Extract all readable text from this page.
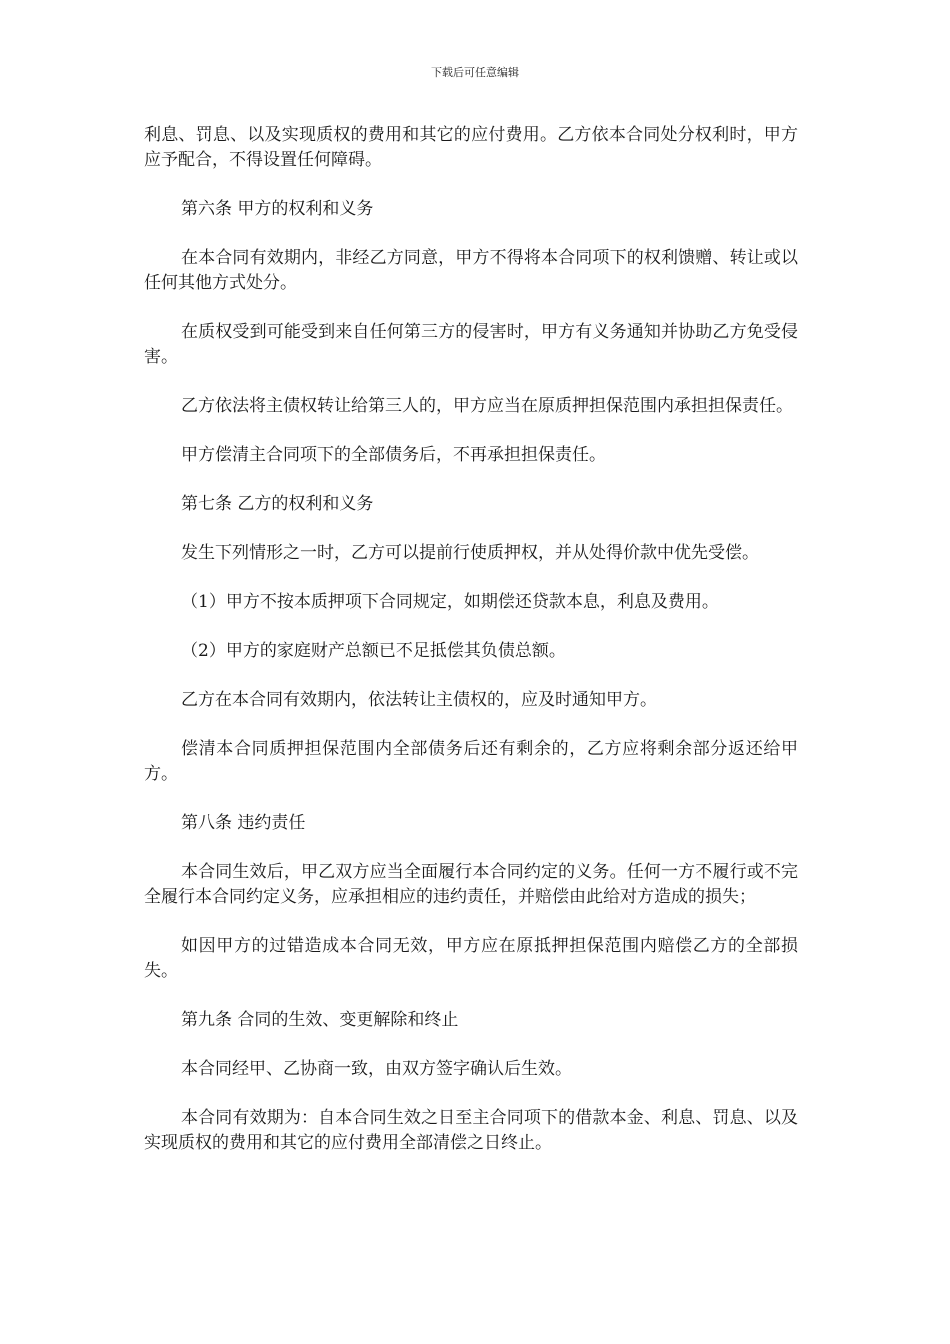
下载后可任意编辑

利息、罚息、以及实现质权的费用和其它的应付费用。乙方依本合同处分权利时，甲方应予配合，不得设置任何障碍。

第六条 甲方的权利和义务

在本合同有效期内，非经乙方同意，甲方不得将本合同项下的权利馈赠、转让或以任何其他方式处分。

在质权受到可能受到来自任何第三方的侵害时，甲方有义务通知并协助乙方免受侵害。

乙方依法将主债权转让给第三人的，甲方应当在原质押担保范围内承担担保责任。

甲方偿清主合同项下的全部债务后，不再承担担保责任。

第七条 乙方的权利和义务

发生下列情形之一时，乙方可以提前行使质押权，并从处得价款中优先受偿。

（1）甲方不按本质押项下合同规定，如期偿还贷款本息，利息及费用。

（2）甲方的家庭财产总额已不足抵偿其负债总额。

乙方在本合同有效期内，依法转让主债权的，应及时通知甲方。

偿清本合同质押担保范围内全部债务后还有剩余的，乙方应将剩余部分返还给甲方。

第八条 违约责任

本合同生效后，甲乙双方应当全面履行本合同约定的义务。任何一方不履行或不完全履行本合同约定义务，应承担相应的违约责任，并赔偿由此给对方造成的损失；

如因甲方的过错造成本合同无效，甲方应在原抵押担保范围内赔偿乙方的全部损失。

第九条 合同的生效、变更解除和终止

本合同经甲、乙协商一致，由双方签字确认后生效。

本合同有效期为：自本合同生效之日至主合同项下的借款本金、利息、罚息、以及实现质权的费用和其它的应付费用全部清偿之日终止。
